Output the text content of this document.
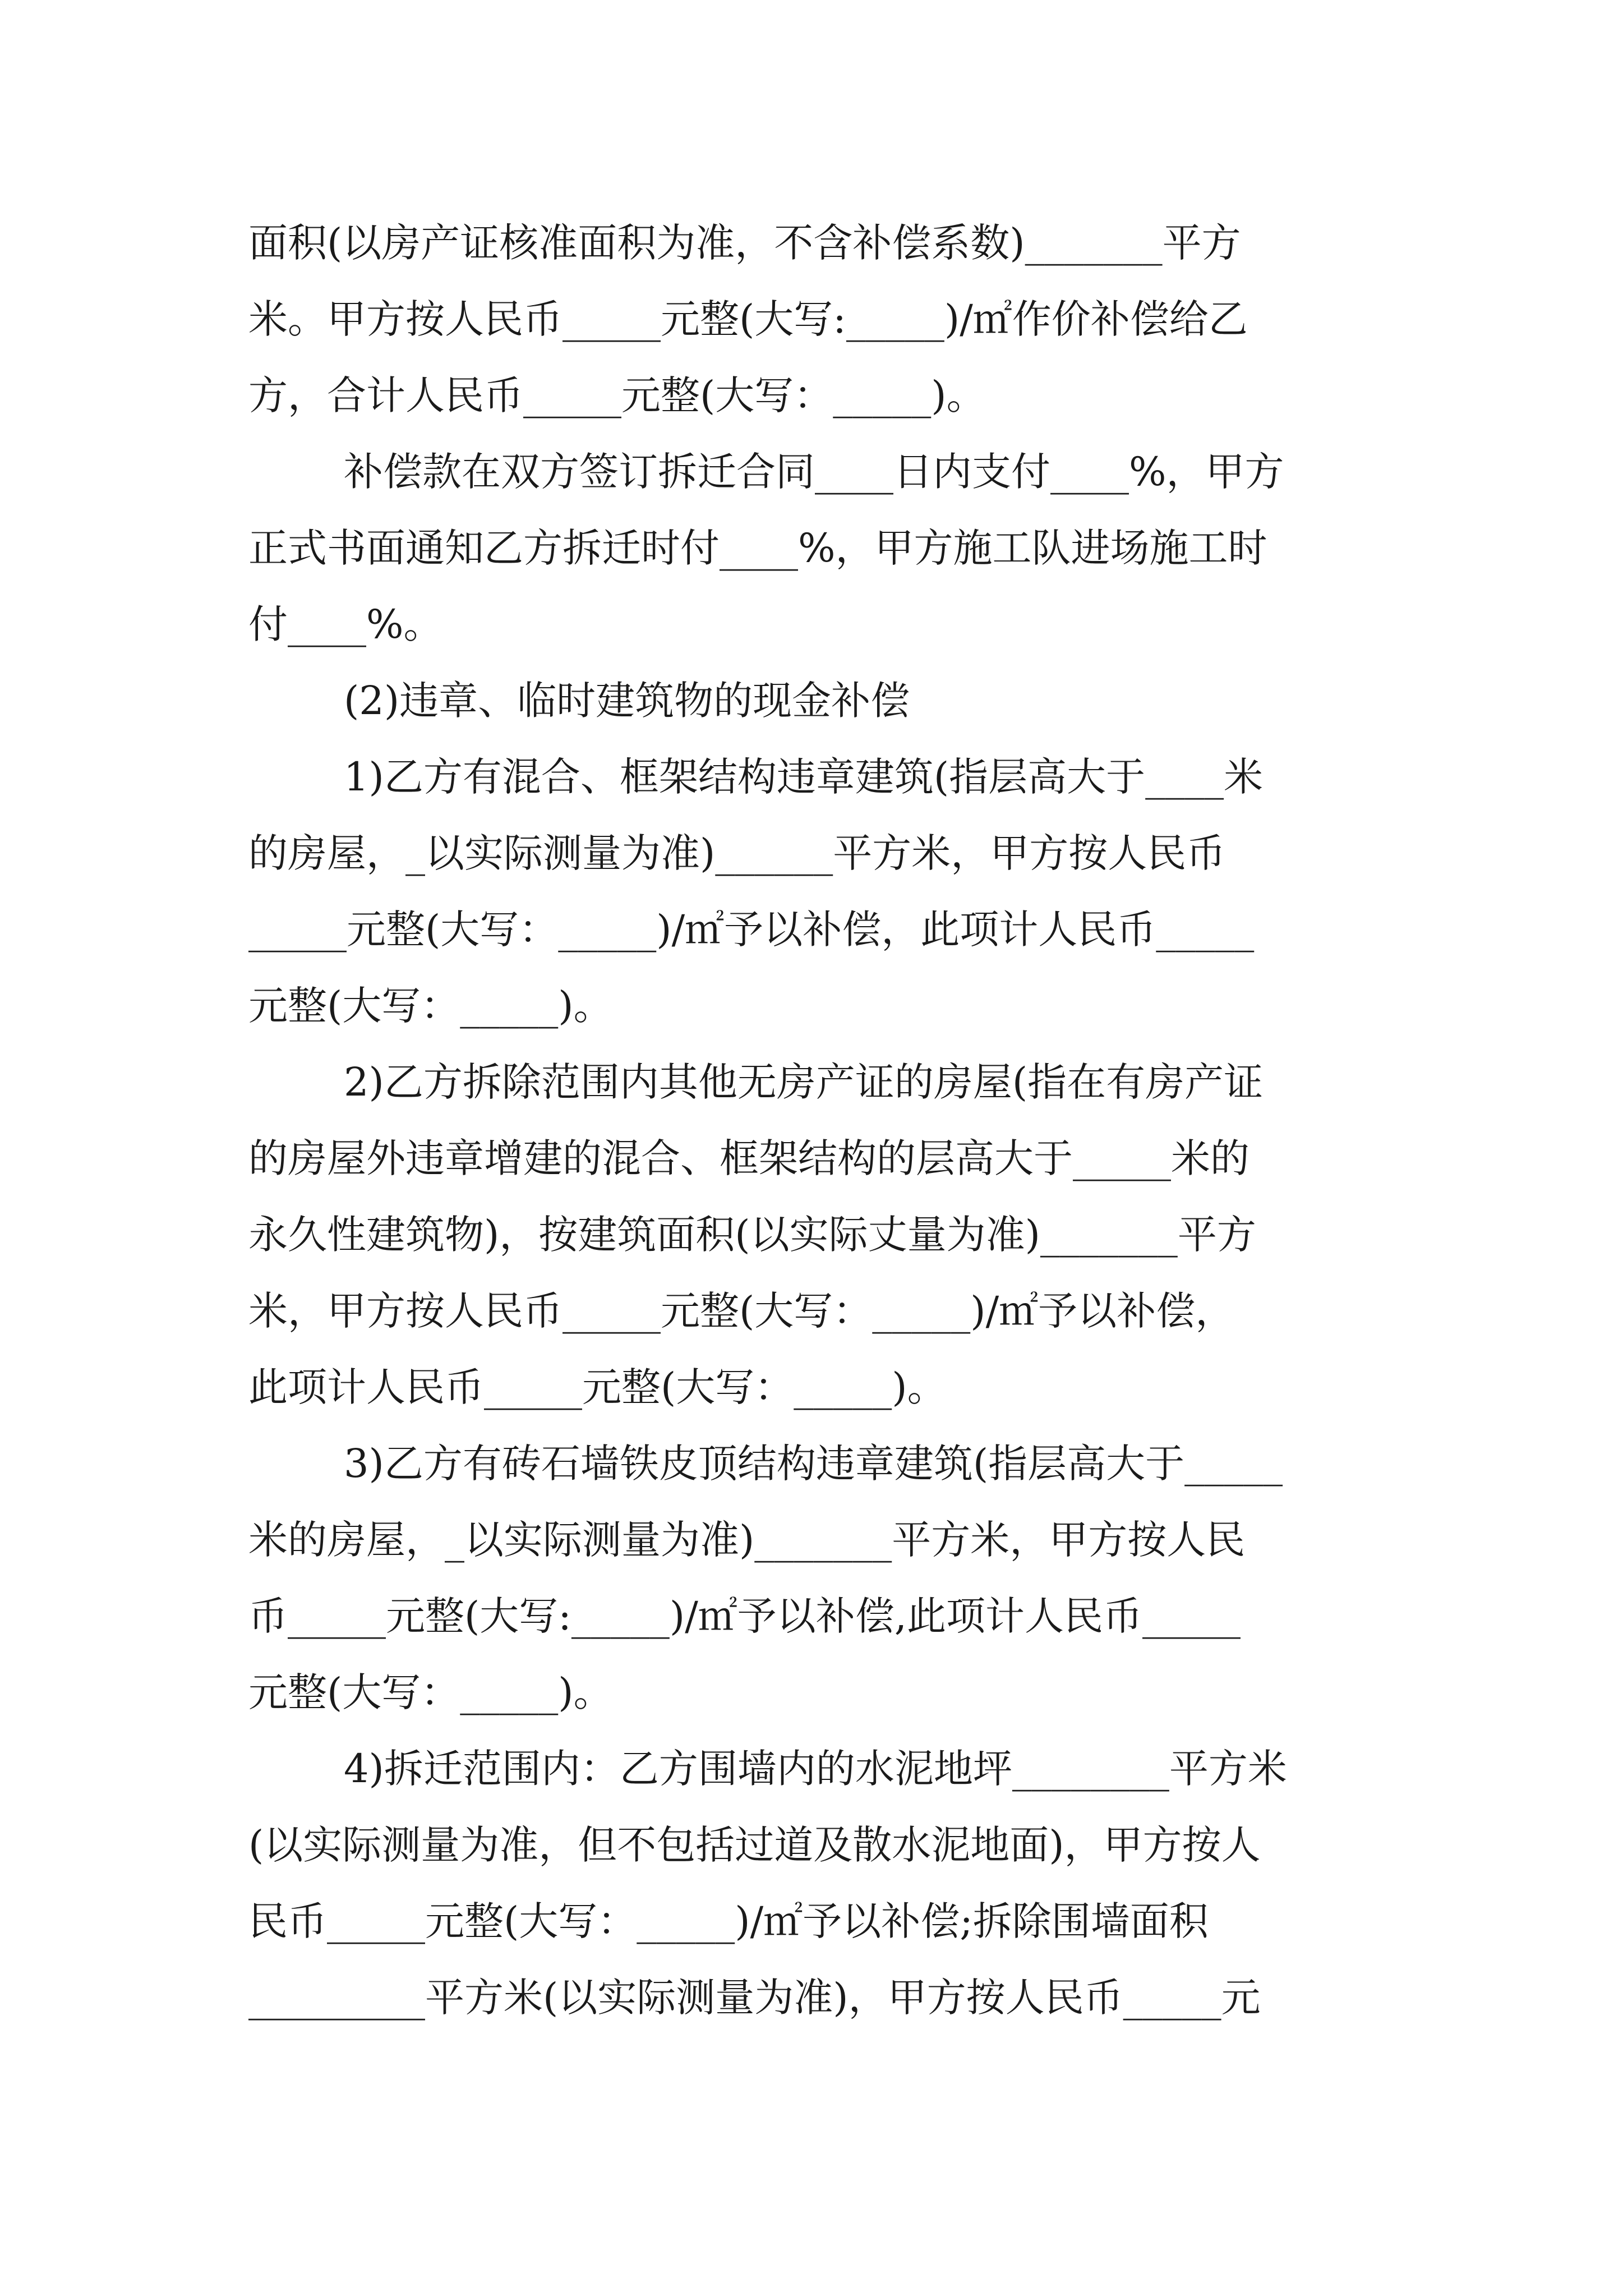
面积(以房产证核准面积为准，不含补偿系数)_______平方
米。甲方按人民币_____元整(大写:_____)/㎡作价补偿给乙
方，合计人民币_____元整(大写：_____)。
补偿款在双方签订拆迁合同____日内支付____%，甲方
正式书面通知乙方拆迁时付____%，甲方施工队进场施工时
付____%。
(2)违章、临时建筑物的现金补偿
1)乙方有混合、框架结构违章建筑(指层高大于____米
的房屋，_以实际测量为准)______平方米，甲方按人民币
_____元整(大写：_____)/㎡予以补偿，此项计人民币_____
元整(大写：_____)。
2)乙方拆除范围内其他无房产证的房屋(指在有房产证
的房屋外违章增建的混合、框架结构的层高大于_____米的
永久性建筑物)，按建筑面积(以实际丈量为准)_______平方
米，甲方按人民币_____元整(大写：_____)/㎡予以补偿，
此项计人民币_____元整(大写：_____)。
3)乙方有砖石墙铁皮顶结构违章建筑(指层高大于_____
米的房屋，_以实际测量为准)_______平方米，甲方按人民
币_____元整(大写:_____)/㎡予以补偿,此项计人民币_____
元整(大写：_____)。
4)拆迁范围内：乙方围墙内的水泥地坪________平方米
(以实际测量为准，但不包括过道及散水泥地面)，甲方按人
民币_____元整(大写：_____)/㎡予以补偿;拆除围墙面积
_________平方米(以实际测量为准)，甲方按人民币_____元
